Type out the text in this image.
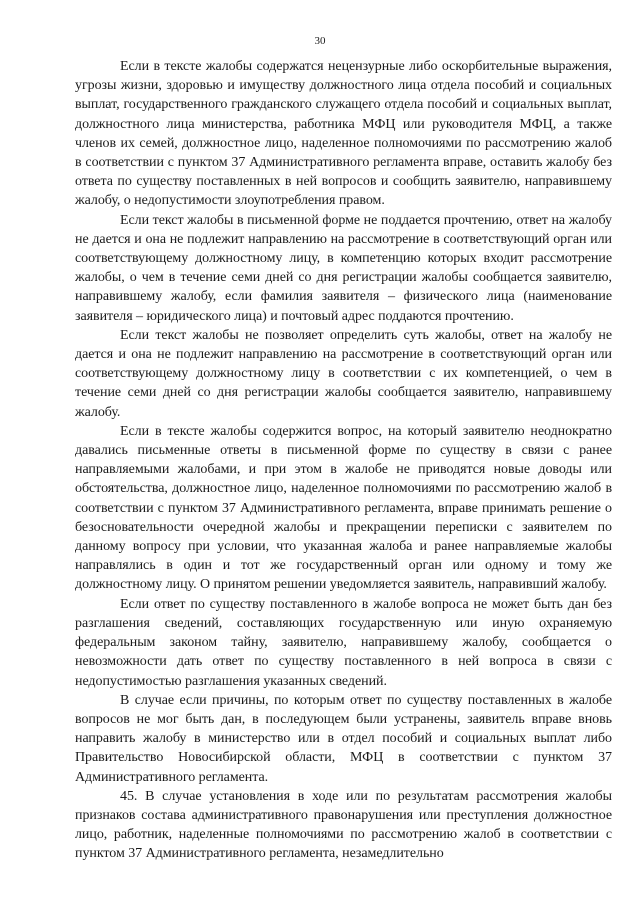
30

Если в тексте жалобы содержатся нецензурные либо оскорбительные выражения, угрозы жизни, здоровью и имуществу должностного лица отдела пособий и социальных выплат, государственного гражданского служащего отдела пособий и социальных выплат, должностного лица министерства, работника МФЦ или руководителя МФЦ, а также членов их семей, должностное лицо, наделенное полномочиями по рассмотрению жалоб в соответствии с пунктом 37 Административного регламента вправе, оставить жалобу без ответа по существу поставленных в ней вопросов и сообщить заявителю, направившему жалобу, о недопустимости злоупотребления правом.

Если текст жалобы в письменной форме не поддается прочтению, ответ на жалобу не дается и она не подлежит направлению на рассмотрение в соответствующий орган или соответствующему должностному лицу, в компетенцию которых входит рассмотрение жалобы, о чем в течение семи дней со дня регистрации жалобы сообщается заявителю, направившему жалобу, если фамилия заявителя – физического лица (наименование заявителя – юридического лица) и почтовый адрес поддаются прочтению.

Если текст жалобы не позволяет определить суть жалобы, ответ на жалобу не дается и она не подлежит направлению на рассмотрение в соответствующий орган или соответствующему должностному лицу в соответствии с их компетенцией, о чем в течение семи дней со дня регистрации жалобы сообщается заявителю, направившему жалобу.

Если в тексте жалобы содержится вопрос, на который заявителю неоднократно давались письменные ответы в письменной форме по существу в связи с ранее направляемыми жалобами, и при этом в жалобе не приводятся новые доводы или обстоятельства, должностное лицо, наделенное полномочиями по рассмотрению жалоб в соответствии с пунктом 37 Административного регламента, вправе принимать решение о безосновательности очередной жалобы и прекращении переписки с заявителем по данному вопросу при условии, что указанная жалоба и ранее направляемые жалобы направлялись в один и тот же государственный орган или одному и тому же должностному лицу. О принятом решении уведомляется заявитель, направивший жалобу.

Если ответ по существу поставленного в жалобе вопроса не может быть дан без разглашения сведений, составляющих государственную или иную охраняемую федеральным законом тайну, заявителю, направившему жалобу, сообщается о невозможности дать ответ по существу поставленного в ней вопроса в связи с недопустимостью разглашения указанных сведений.

В случае если причины, по которым ответ по существу поставленных в жалобе вопросов не мог быть дан, в последующем были устранены, заявитель вправе вновь направить жалобу в министерство или в отдел пособий и социальных выплат либо Правительство Новосибирской области, МФЦ в соответствии с пунктом 37 Административного регламента.

45. В случае установления в ходе или по результатам рассмотрения жалобы признаков состава административного правонарушения или преступления должностное лицо, работник, наделенные полномочиями по рассмотрению жалоб в соответствии с пунктом 37 Административного регламента, незамедлительно
